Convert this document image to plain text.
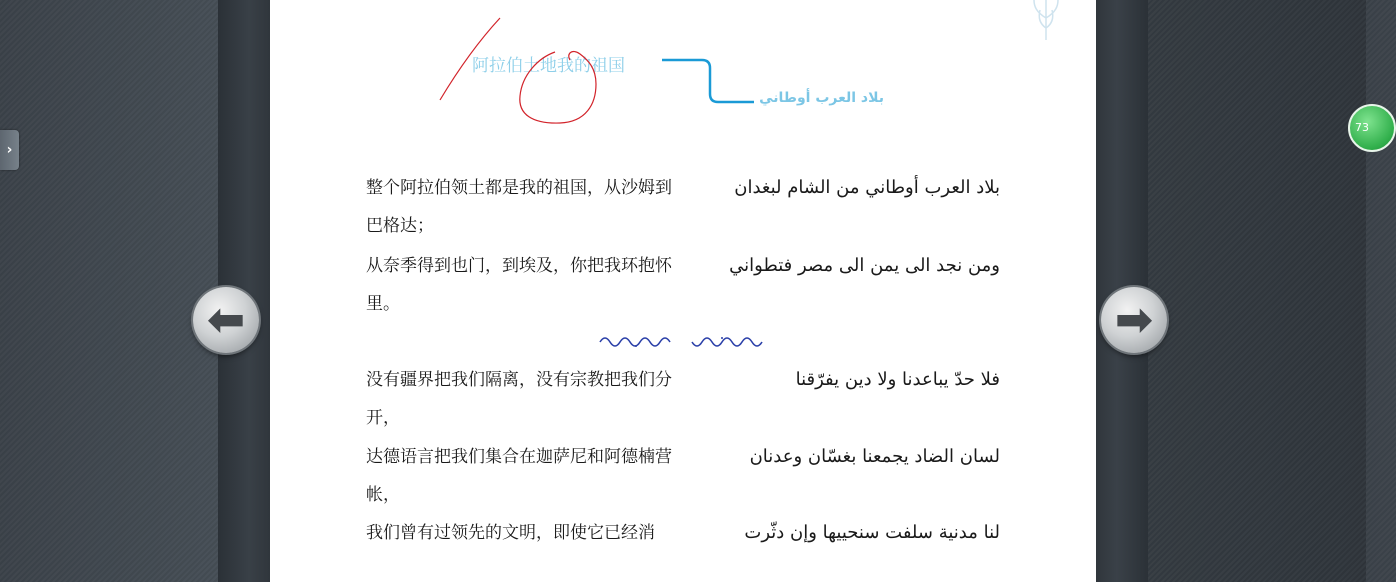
›
阿拉伯土地我的祖国
بلاد العرب أوطاني
整个阿拉伯领土都是我的祖国，从沙姆到巴格达；
بلاد العرب أوطاني من الشام لبغدان
从奈季得到也门，到埃及，你把我环抱怀里。
ومن نجد الى يمن الى مصر فتطواني
没有疆界把我们隔离，没有宗教把我们分开，
فلا حدّ يباعدنا ولا دين يفرّقنا
达德语言把我们集合在迦萨尼和阿德楠营帐，
لسان الضاد يجمعنا بغسّان وعدنان
我们曾有过领先的文明，即使它已经消	لنا مدنية سلفت سنحييها وإن دثّرت
⬅	➡
73
